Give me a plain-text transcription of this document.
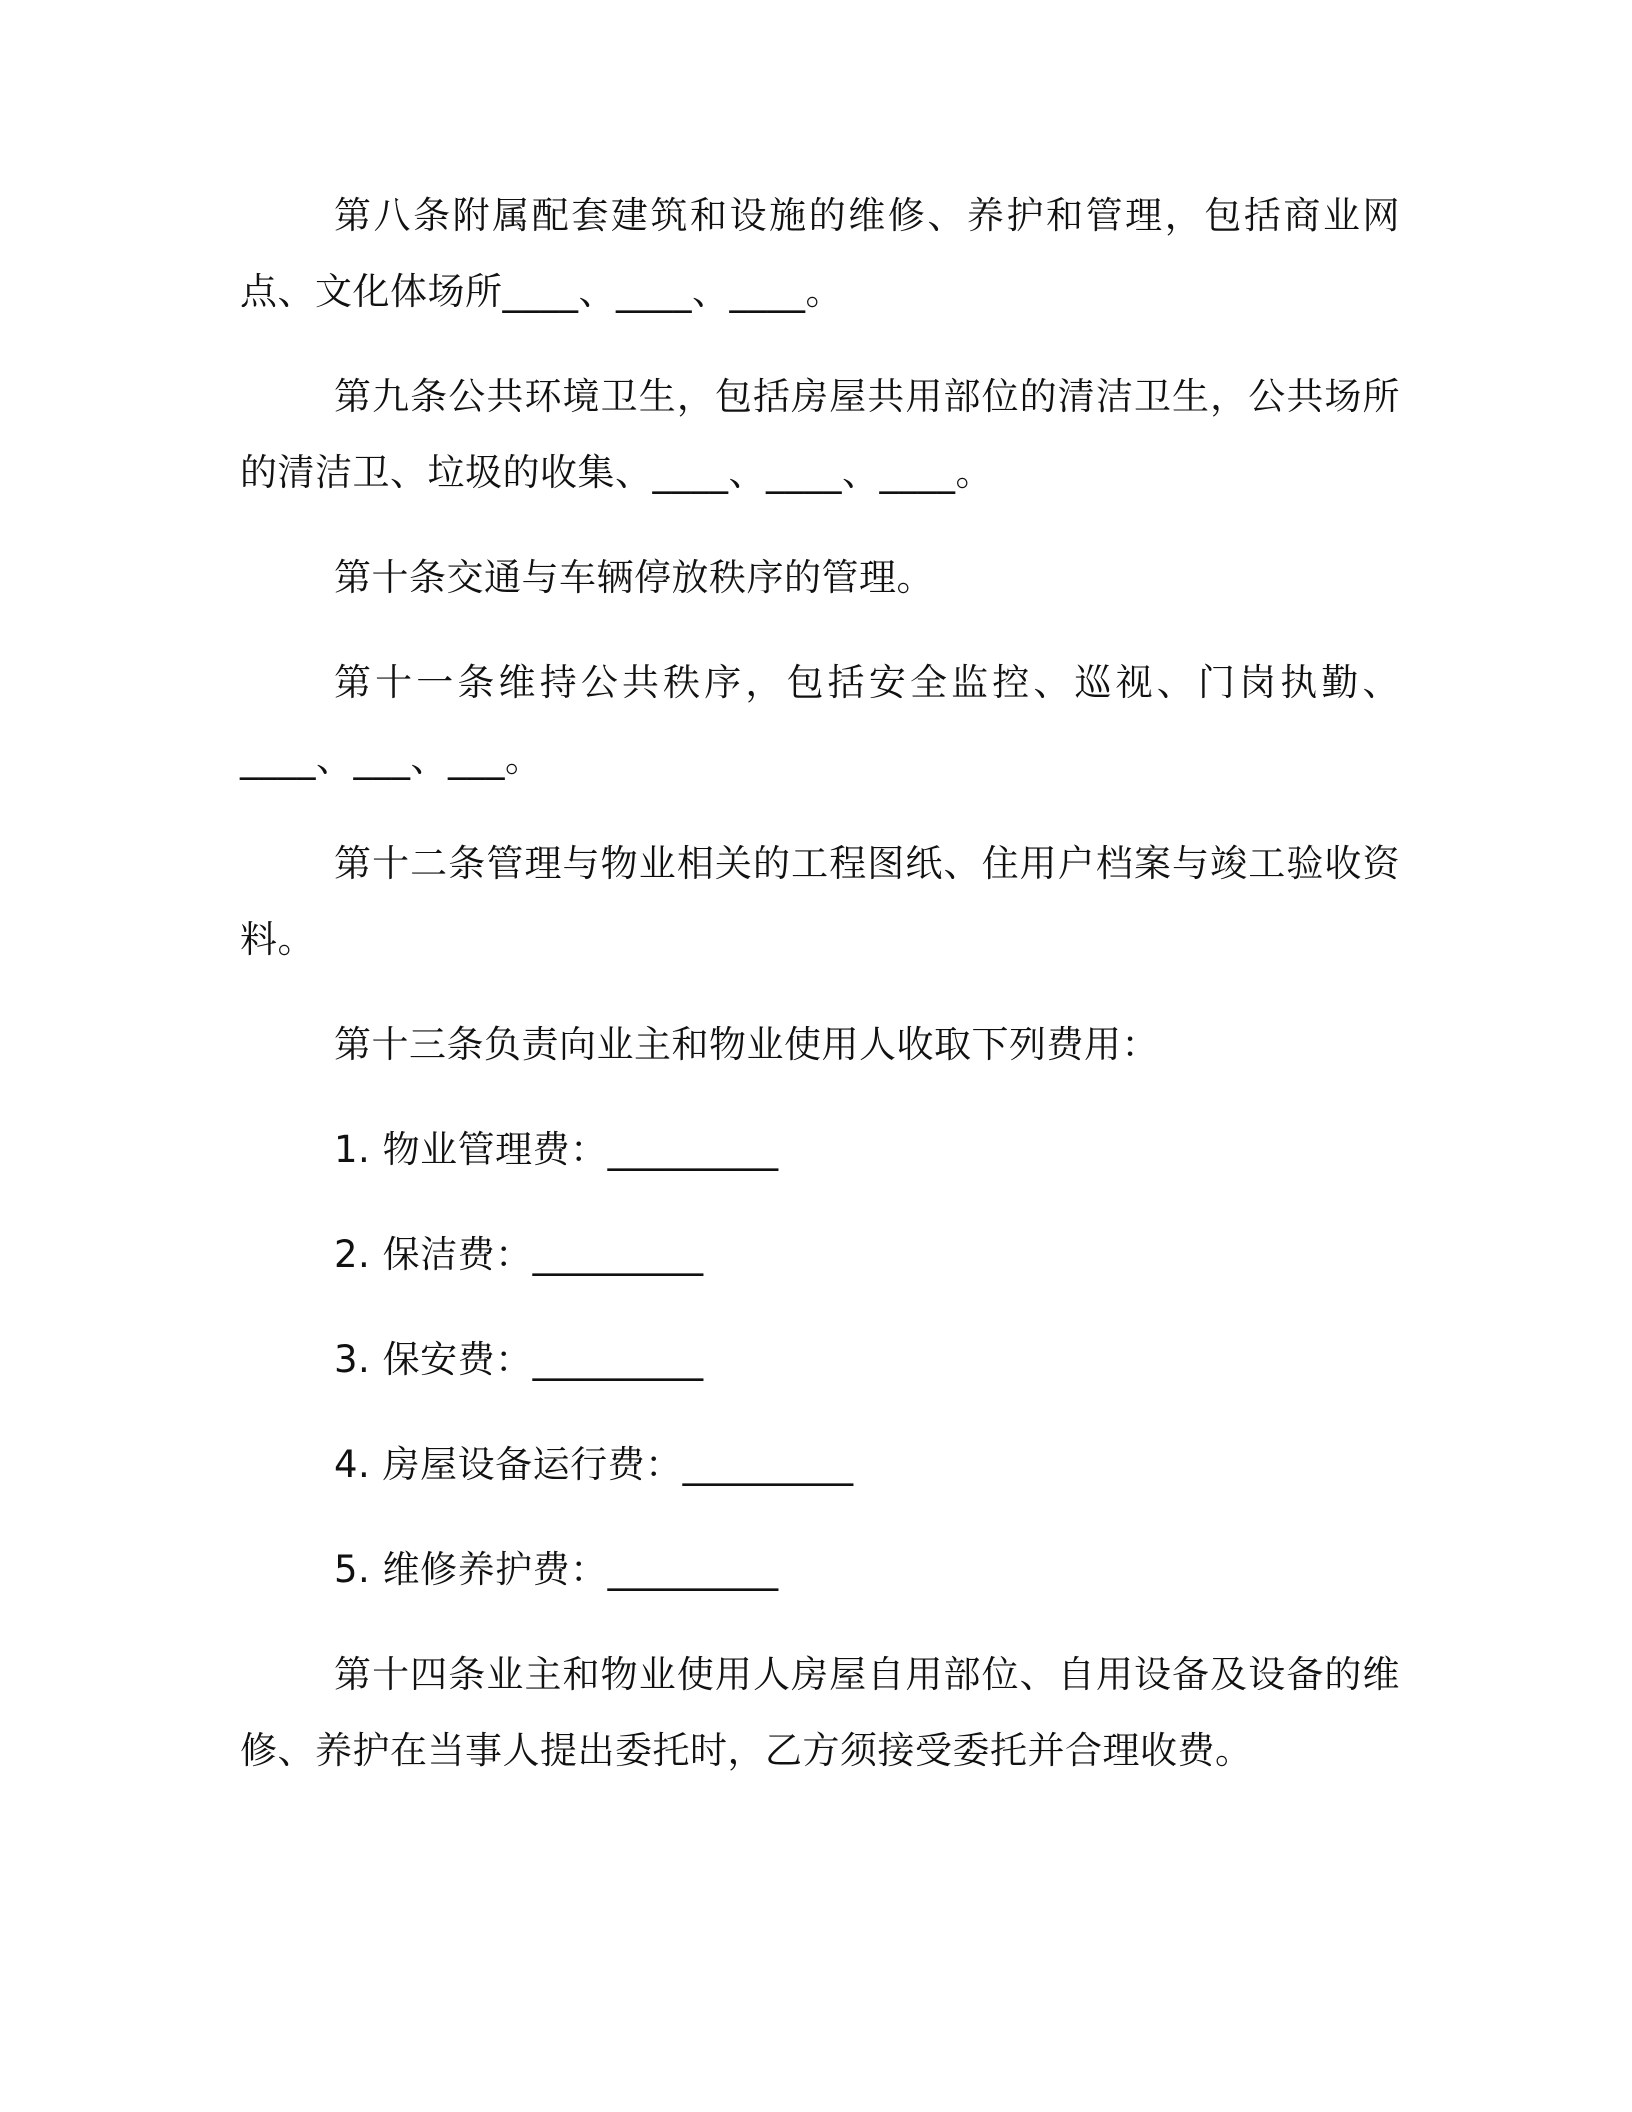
第八条附属配套建筑和设施的维修、养护和管理，包括商业网点、文化体场所____、____、____。

第九条公共环境卫生，包括房屋共用部位的清洁卫生，公共场所的清洁卫、垃圾的收集、____、____、____。

第十条交通与车辆停放秩序的管理。

第十一条维持公共秩序，包括安全监控、巡视、门岗执勤、____、___、___。

第十二条管理与物业相关的工程图纸、住用户档案与竣工验收资料。

第十三条负责向业主和物业使用人收取下列费用：

1. 物业管理费：_________

2. 保洁费：_________

3. 保安费：_________

4. 房屋设备运行费：_________

5. 维修养护费：_________

第十四条业主和物业使用人房屋自用部位、自用设备及设备的维修、养护在当事人提出委托时，乙方须接受委托并合理收费。
